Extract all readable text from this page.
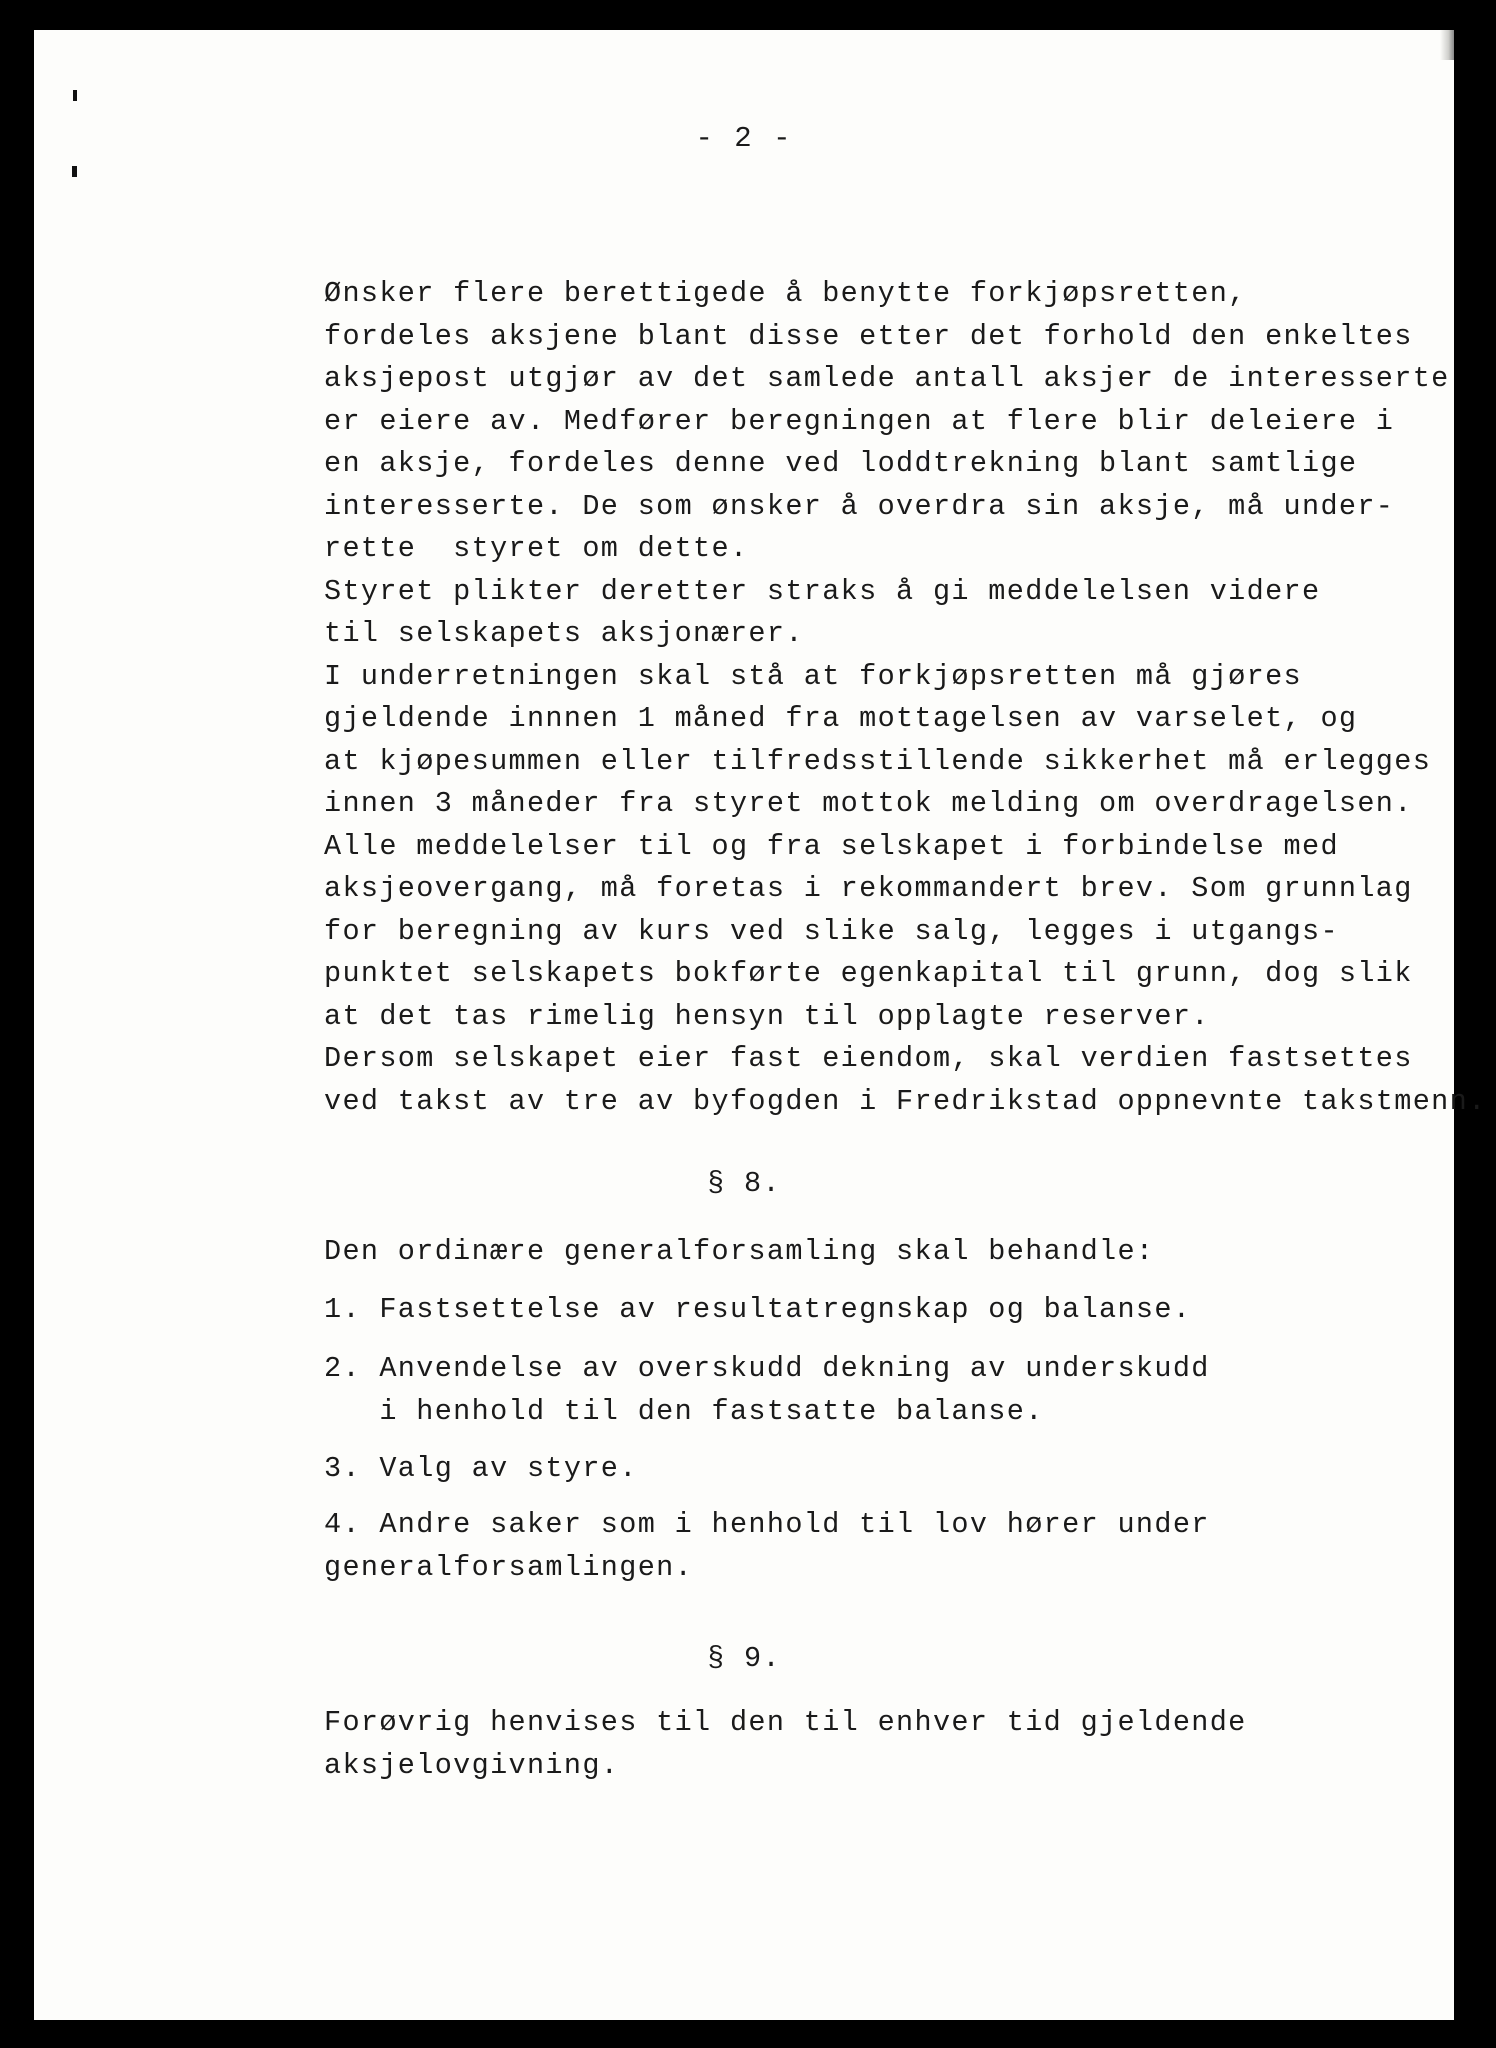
- 2 -
Ønsker flere berettigede å benytte forkjøpsretten,
fordeles aksjene blant disse etter det forhold den enkeltes
aksjepost utgjør av det samlede antall aksjer de interesserte
er eiere av. Medfører beregningen at flere blir deleiere i
en aksje, fordeles denne ved loddtrekning blant samtlige
interesserte. De som ønsker å overdra sin aksje, må under-
rette  styret om dette.
Styret plikter deretter straks å gi meddelelsen videre
til selskapets aksjonærer.
I underretningen skal stå at forkjøpsretten må gjøres
gjeldende innnen 1 måned fra mottagelsen av varselet, og
at kjøpesummen eller tilfredsstillende sikkerhet må erlegges
innen 3 måneder fra styret mottok melding om overdragelsen.
Alle meddelelser til og fra selskapet i forbindelse med
aksjeovergang, må foretas i rekommandert brev. Som grunnlag
for beregning av kurs ved slike salg, legges i utgangs-
punktet selskapets bokførte egenkapital til grunn, dog slik
at det tas rimelig hensyn til opplagte reserver.
Dersom selskapet eier fast eiendom, skal verdien fastsettes
ved takst av tre av byfogden i Fredrikstad oppnevnte takstmenn.
§ 8.
Den ordinære generalforsamling skal behandle:
1. Fastsettelse av resultatregnskap og balanse.
2. Anvendelse av overskudd dekning av underskudd
i henhold til den fastsatte balanse.
3. Valg av styre.
4. Andre saker som i henhold til lov hører under
generalforsamlingen.
§ 9.
Forøvrig henvises til den til enhver tid gjeldende
aksjelovgivning.
